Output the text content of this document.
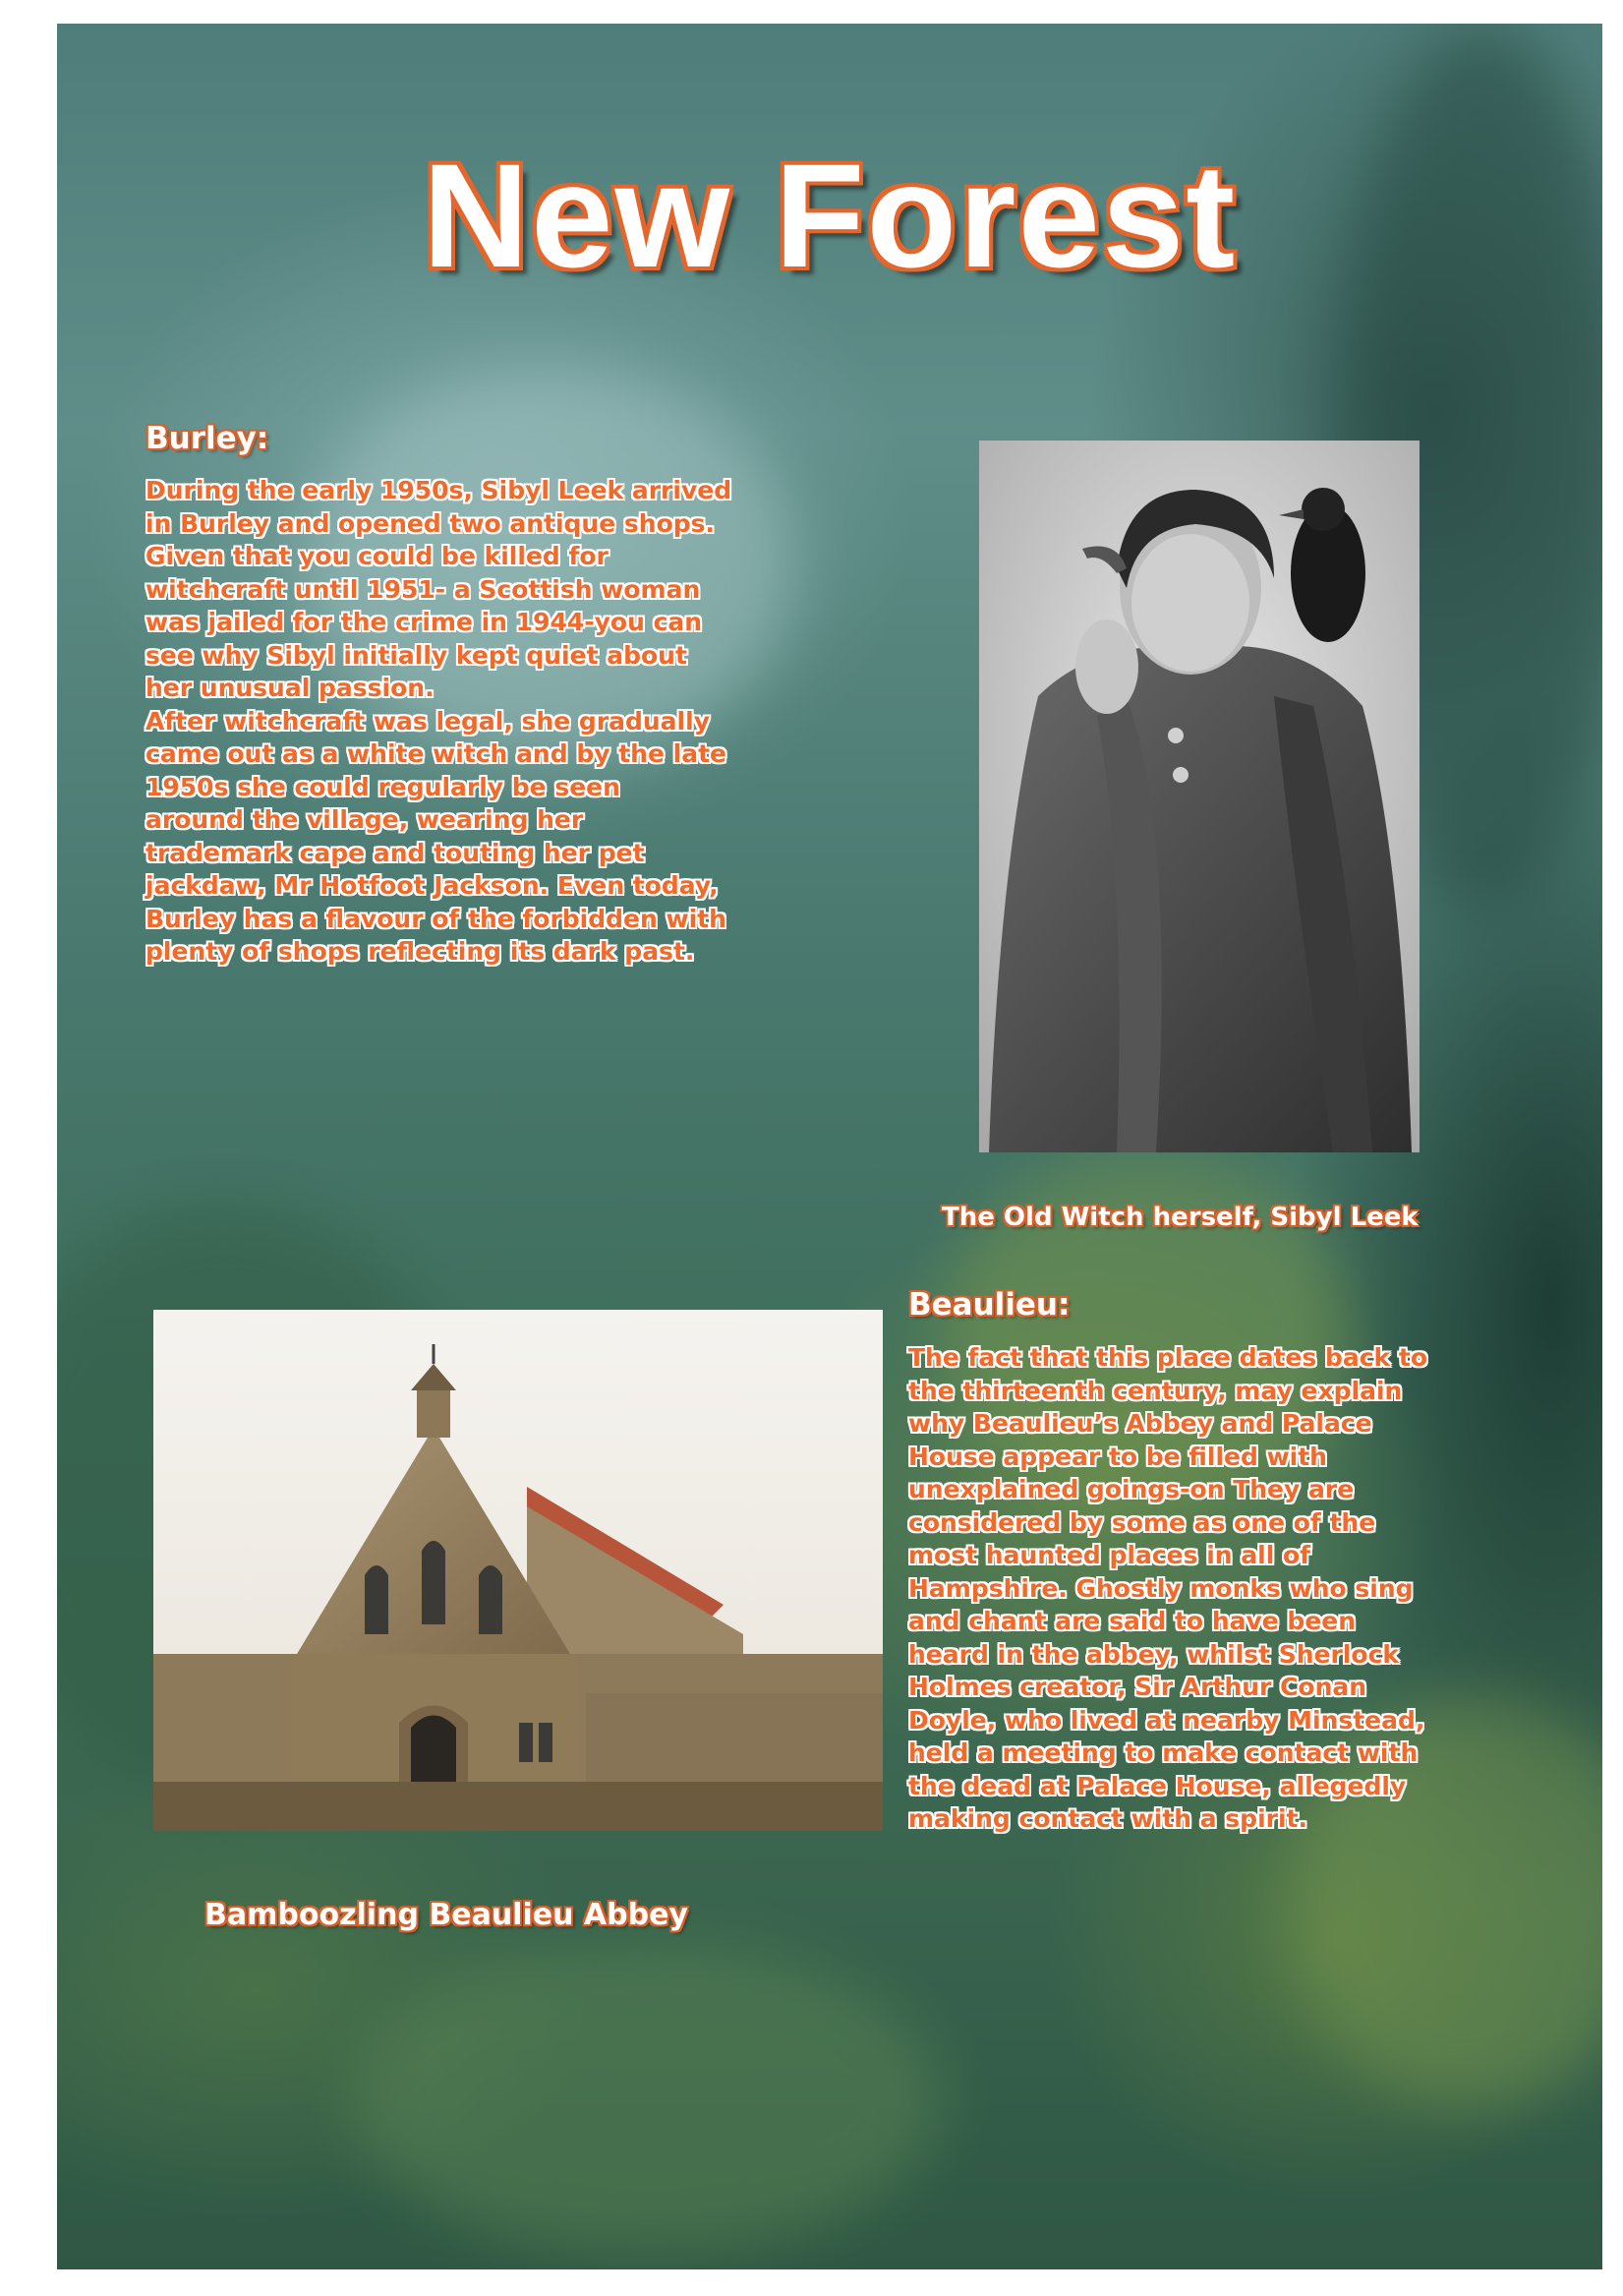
New Forest
Burley:
During the early 1950s, Sibyl Leek arrived
in Burley and opened two antique shops.
Given that you could be killed for
witchcraft until 1951- a Scottish woman
was jailed for the crime in 1944-you can
see why Sibyl initially kept quiet about
her unusual passion.
After witchcraft was legal, she gradually
came out as a white witch and by the late
1950s she could regularly be seen
around the village, wearing her
trademark cape and touting her pet
jackdaw, Mr Hotfoot Jackson. Even today,
Burley has a flavour of the forbidden with
plenty of shops reflecting its dark past.
The Old Witch herself, Sibyl Leek
Beaulieu:
The fact that this place dates back to
the thirteenth century, may explain
why Beaulieu’s Abbey and Palace
House appear to be filled with
unexplained goings-on They are
considered by some as one of the
most haunted places in all of
Hampshire. Ghostly monks who sing
and chant are said to have been
heard in the abbey, whilst Sherlock
Holmes creator, Sir Arthur Conan
Doyle, who lived at nearby Minstead,
held a meeting to make contact with
the dead at Palace House, allegedly
making contact with a spirit.
Bamboozling Beaulieu Abbey
